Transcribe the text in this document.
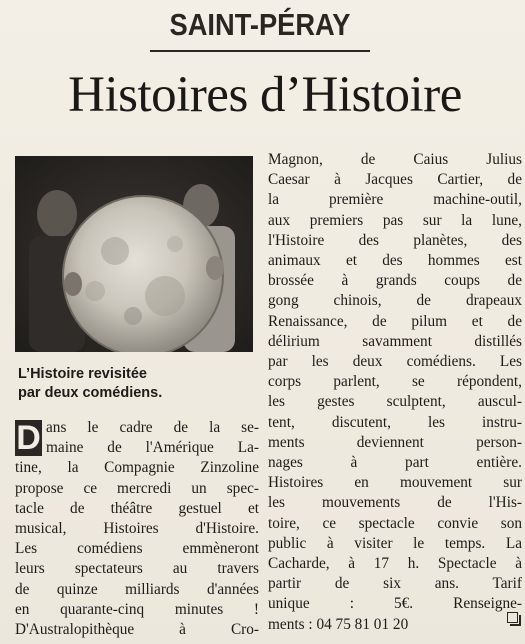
SAINT-PÉRAY
Histoires d’Histoire
L’Histoire revisitée
par deux comédiens.
D ans le cadre de la se-
maine de l'Amérique La-
tine, la Compagnie Zinzoline
propose ce mercredi un spec-
tacle de théâtre gestuel et
musical, Histoires d'Histoire.
Les comédiens emmèneront
leurs spectateurs au travers
de quinze milliards d'années
en quarante-cinq minutes !
D'Australopithèque à Cro-
Magnon, de Caius Julius
Caesar à Jacques Cartier, de
la première machine-outil,
aux premiers pas sur la lune,
l'Histoire des planètes, des
animaux et des hommes est
brossée à grands coups de
gong chinois, de drapeaux
Renaissance, de pilum et de
délirium savamment distillés
par les deux comédiens. Les
corps parlent, se répondent,
les gestes sculptent, auscul-
tent, discutent, les instru-
ments deviennent person-
nages à part entière.
Histoires en mouvement sur
les mouvements de l'His-
toire, ce spectacle convie son
public à visiter le temps. La
Cacharde, à 17 h. Spectacle à
partir de six ans. Tarif
unique : 5€. Renseigne-
ments : 04 75 81 01 20
